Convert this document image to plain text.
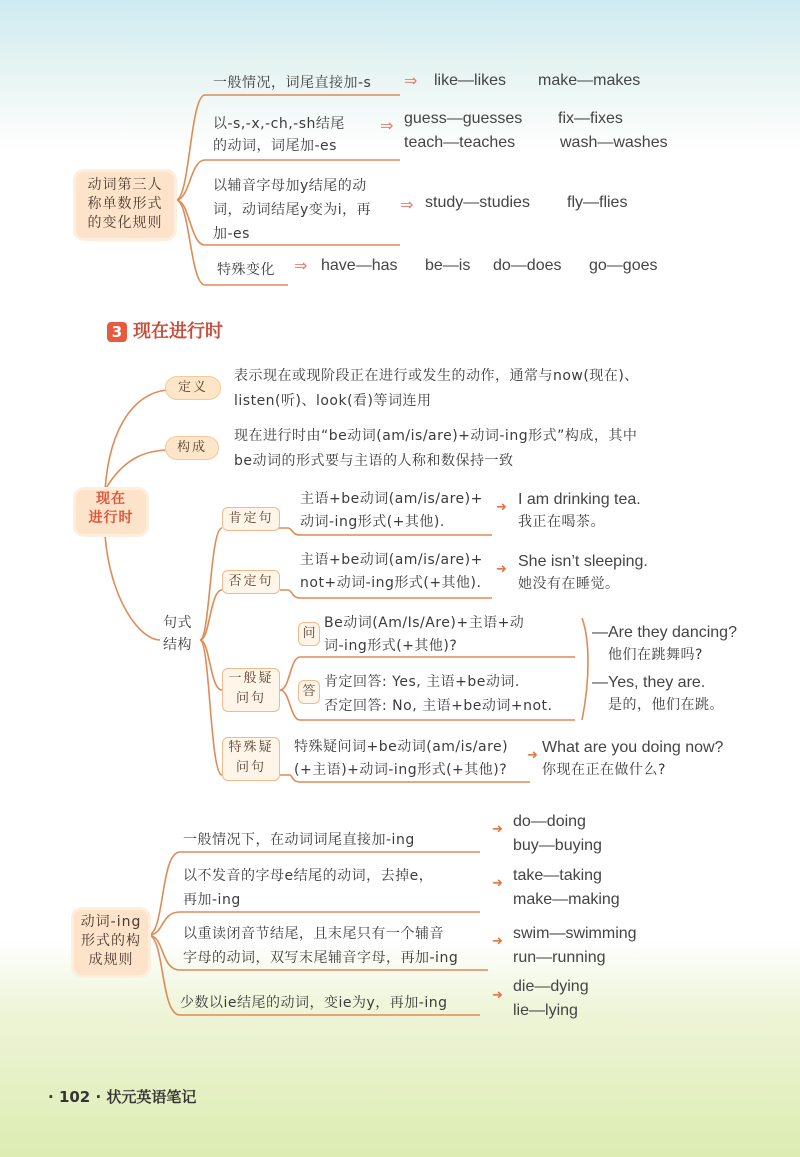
动词第三人
称单数形式
的变化规则
一般情况，词尾直接加-s ⇒ like—likes make—makes
以-s,-x,-ch,-sh结尾
的动词，词尾加-es
⇒ guess—guesses fix—fixes
teach—teaches	wash—washes
以辅音字母加y结尾的动
词，动词结尾y变为i，再
加-es
⇒ study—studies fly—flies
特殊变化 ⇒ have—has be—is do—does go—goes
3 现在进行时
现在
进行时
定义
表示现在或现阶段正在进行或发生的动作，通常与now(现在)、
listen(听)、look(看)等词连用
构成
现在进行时由“be动词(am/is/are)+动词-ing形式”构成，其中
be动词的形式要与主语的人称和数保持一致
句式
结构
肯定句
主语+be动词(am/is/are)+
动词-ing形式(+其他).
➜ I am drinking tea.
我正在喝茶。
否定句
主语+be动词(am/is/are)+
not+动词-ing形式(+其他).
➜ She isn’t sleeping.
她没有在睡觉。
一般疑
问句
问
Be动词(Am/Is/Are)+主语+动
词-ing形式(+其他)?
答
肯定回答: Yes, 主语+be动词.
否定回答: No, 主语+be动词+not.
—Are they dancing?
他们在跳舞吗?
—Yes, they are.
是的，他们在跳。
特殊疑
问句
特殊疑问词+be动词(am/is/are)
(+主语)+动词-ing形式(+其他)?
➜ What are you doing now?
你现在正在做什么?
动词-ing
形式的构
成规则
一般情况下，在动词词尾直接加-ing
➜ do—doing
buy—buying
以不发音的字母e结尾的动词，去掉e，
再加-ing
➜ take—taking
make—making
以重读闭音节结尾，且末尾只有一个辅音
字母的动词，双写末尾辅音字母，再加-ing
➜ swim—swimming
run—running
少数以ie结尾的动词，变ie为y，再加-ing	➜
die—dying
lie—lying
· 102 · 状元英语笔记
